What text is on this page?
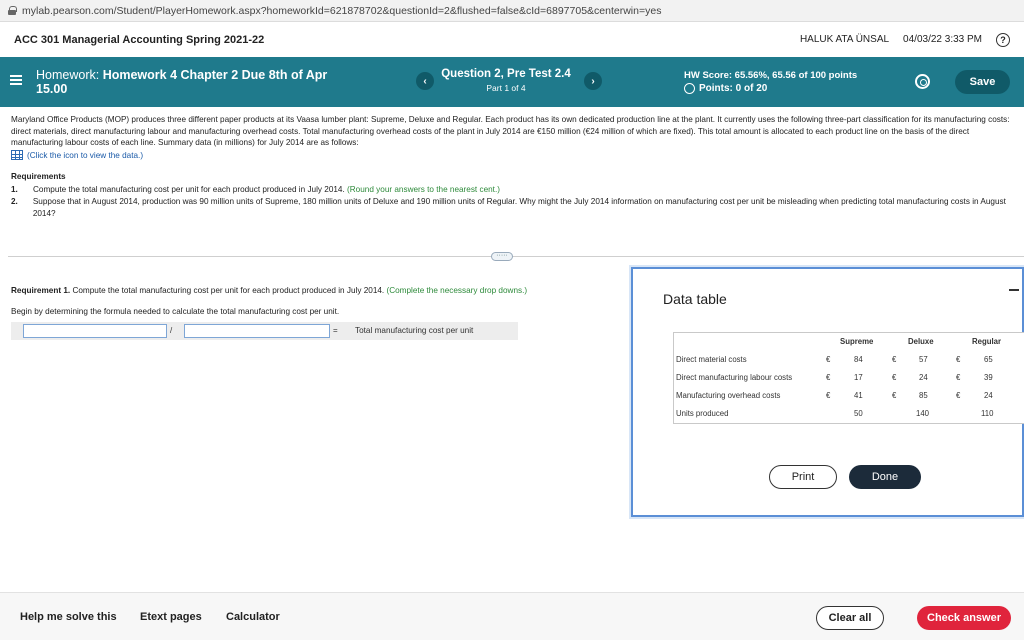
mylab.pearson.com/Student/PlayerHomework.aspx?homeworkId=621878702&questionId=2&flushed=false&cId=6897705&centerwin=yes
ACC 301 Managerial Accounting Spring 2021-22	HALUK ATA ÜNSAL 04/03/22 3:33 PM	?
Homework: Homework 4 Chapter 2 Due 8th of Apr 15.00
‹
Question 2, Pre Test 2.4
Part 1 of 4
›	HW Score: 65.56%, 65.56 of 100 points
Points: 0 of 20
Save
Maryland Office Products (MOP) produces three different paper products at its Vaasa lumber plant: Supreme, Deluxe and Regular. Each product has its own dedicated production line at the plant. It currently uses the following three-part classification for its manufacturing costs: direct materials, direct manufacturing labour and manufacturing overhead costs. Total manufacturing overhead costs of the plant in July 2014 are €150 million (€24 million of which are fixed). This total amount is allocated to each product line on the basis of the direct manufacturing labour costs of each line. Summary data (in millions) for July 2014 are as follows:
(Click the icon to view the data.)
Requirements
1.	Compute the total manufacturing cost per unit for each product produced in July 2014. (Round your answers to the nearest cent.)
2.	Suppose that in August 2014, production was 90 million units of Supreme, 180 million units of Deluxe and 190 million units of Regular. Why might the July 2014 information on manufacturing cost per unit be misleading when predicting total manufacturing costs in August 2014?
·····
Requirement 1. Compute the total manufacturing cost per unit for each product produced in July 2014. (Complete the necessary drop downs.)
Begin by determining the formula needed to calculate the total manufacturing cost per unit.
/	= Total manufacturing cost per unit
Data table
Supreme	Deluxe	Regular
Direct material costs	€	84	€	57	€	65
Direct manufacturing labour costs	€	17	€	24	€	39
Manufacturing overhead costs	€	41	€	85	€	24
Units produced	50	140	110
Print	Done
Help me solve this Etext pages Calculator	Clear all	Check answer
